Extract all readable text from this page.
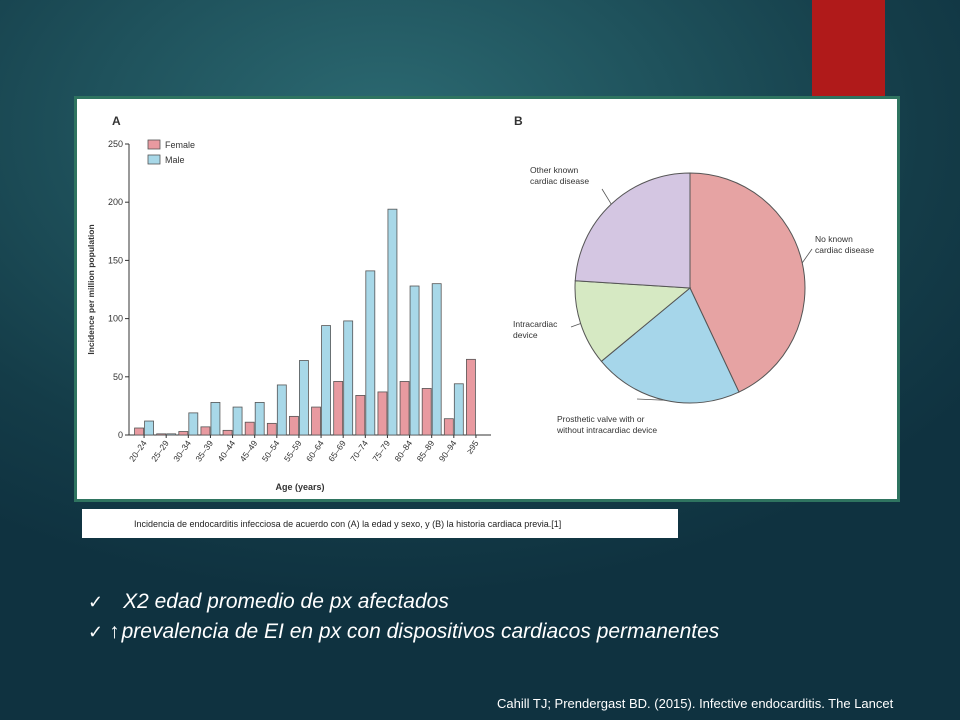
A
0
50
100
150
200
250
Incidence per million population
20–24 25–29 30–34 35–39 40–44 45–49 50–54 55–59 60–64 65–69 70–74 75–79 80–84 85–89 90–94 ≥95
Age (years)
Female
Male
B
No known cardiac disease
Prosthetic valve with or without intracardiac device
Intracardiac device
Other known cardiac disease
Incidencia de endocarditis infecciosa de acuerdo con (A) la edad y sexo, y (B) la historia cardiaca previa.[1]
✓ X2 edad promedio de px afectados
✓ ↑ prevalencia de EI en px con dispositivos cardiacos permanentes
Cahill TJ; Prendergast BD. (2015). Infective endocarditis. The Lancet
